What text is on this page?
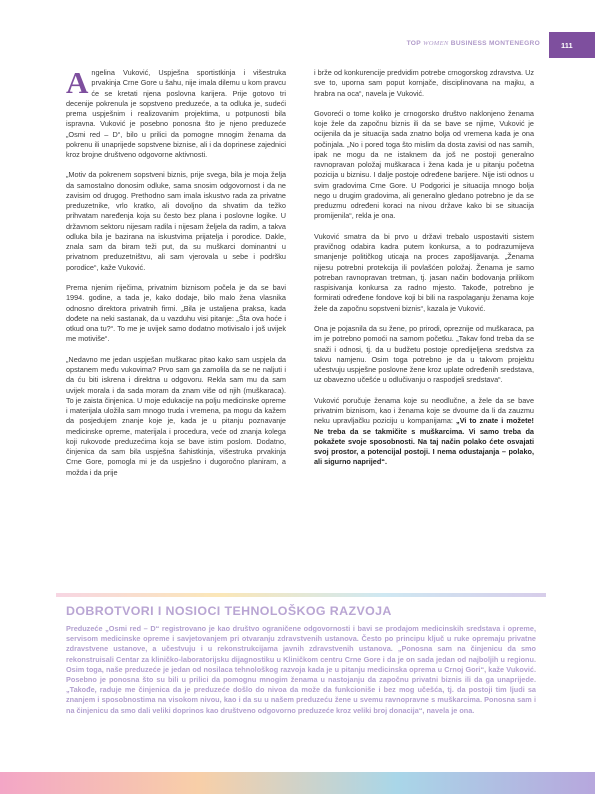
TOP WOMEN BUSINESS MONTENEGRO	111

Angelina Vuković, Uspješna sportistkinja i višestruka prvakinja Crne Gore u šahu, nije imala dilemu u kom pravcu će se kretati njena poslovna karijera. Prije gotovo tri decenije pokrenula je sopstveno preduzeće, a ta odluka je, sudeći prema uspješnim i realizovanim projektima, u potpunosti bila ispravna. Vuković je posebno ponosna što je njeno preduzeće „Osmi red – D“, bilo u prilici da pomogne mnogim ženama da pokrenu ili unaprijede sopstvene biznise, ali i da doprinese zajednici kroz brojne društveno odgovorne aktivnosti.

„Motiv da pokrenem sopstveni biznis, prije svega, bila je moja želja da samostalno donosim odluke, sama snosim odgovornost i da ne zavisim od drugog. Prethodno sam imala iskustvo rada za privatne preduzetnike, vrlo kratko, ali dovoljno da shvatim da težko prihvatam naređenja koja su često bez plana i poslovne logike. U državnom sektoru nijesam radila i nijesam željela da radim, a takva odluka bila je bazirana na iskustvima prijatelja i porodice. Dakle, znala sam da biram teži put, da su muškarci dominantni u privatnom preduzetništvu, ali sam vjerovala u sebe i podršku porodice“, kaže Vuković.

Prema njenim riječima, privatnim biznisom počela je da se bavi 1994. godine, a tada je, kako dodaje, bilo malo žena vlasnika odnosno direktora privatnih firmi. „Bila je ustaljena praksa, kada dođete na neki sastanak, da u vazduhu visi pitanje: „Šta ova hoće i otkud ona tu?“. To me je uvijek samo dodatno motivisalo i još uvijek me motiviše“.

„Nedavno me jedan uspješan muškarac pitao kako sam uspjela da opstanem među vukovima? Prvo sam ga zamolila da se ne naljuti i da ću biti iskrena i direktna u odgovoru. Rekla sam mu da sam uvijek morala i da sada moram da znam više od njih (muškaraca). To je zaista činjenica. U moje edukacije na polju medicinske opreme i materijala uložila sam mnogo truda i vremena, pa mogu da kažem da posjedujem znanje koje je, kada je u pitanju poznavanje medicinske opreme, materijala i procedura, veće od znanja kolega koji rukovode preduzećima koja se bave istim poslom. Dodatno, činjenica da sam bila uspješna šahistkinja, višestruka prvakinja Crne Gore, pomogla mi je da uspješno i dugoročno planiram, a možda i da prije

i brže od konkurencije predvidim potrebe crnogorskog zdravstva. Uz sve to, upornа sam poput kornjače, disciplinovana na majku, a hrabra na oca“, navela je Vuković.

Govoreći o tome koliko je crnogorsko društvo naklonjeno ženama koje žele da započnu biznis ili da se bave se njime, Vuković je ocijenila da je situacija sada znatno bolja od vremena kada je ona počinjala. „No i pored toga što mislim da dosta zavisi od nas samih, ipak ne mogu da ne istaknem da još ne postoji generalno ravnopravan položaj muškaraca i žena kada je u pitanju početna pozicija u biznisu. I dalje postoje određene barijere. Nije isti odnos u svim gradovima Crne Gore. U Podgorici je situacija mnogo bolja nego u drugim gradovima, ali generalno gledano potrebno je da se preduzmu određeni koraci na nivou države kako bi se situacija promijenila“, rekla je ona.

Vuković smatra da bi prvo u državi trebalo uspostaviti sistem pravičnog odabira kadra putem konkursa, a to podrazumijeva smanjenje političkog uticaja na proces zapošljavanja. „Ženama nijesu potrebni protekcija ili povlašćen položaj. Ženama je samo potreban ravnopravan tretman, tj. jasan način bodovanja prilikom raspisivanja konkursa za radno mjesto. Takođe, potrebno je formirati određene fondove koji bi bili na raspolaganju ženama koje žele da započnu sopstveni biznis“, kazala je Vuković.

Ona je pojasnila da su žene, po prirodi, opreznije od muškaraca, pa im je potrebno pomoći na samom početku. „Takav fond treba da se snaži i odnosi, tj. da u budžetu postoje opredijeljena sredstva za takvu namjenu. Osim toga potrebno je da u takvom projektu učestvuju uspješne poslovne žene kroz uplate određenih sredstava, uz obavezno učešće u odlučivanju o raspodjeli sredstava“.

Vuković poručuje ženama koje su neodlučne, a žele da se bave privatnim biznisom, kao i ženama koje se dvoume da li da zauzmu neku upravljačku poziciju u kompanijama: „Vi to znate i možete! Ne treba da se takmičite s muškarcima. Vi samo treba da pokažete svoje sposobnosti. Na taj način polako ćete osvajati svoj prostor, a potencijal postoji. I nema odustajanja – polako, ali sigurno naprijed“.

DOBROTVORI I NOSIOCI TEHNOLOŠKOG RAZVOJA
Preduzeće „Osmi red – D“ registrovano je kao društvo ograničene odgovornosti i bavi se prodajom medicinskih sredstava i opreme, servisom medicinske opreme i savjetovanjem pri otvaranju zdravstvenih ustanova. Često po principu ključ u ruke opremaju privatne zdravstvene ustanove, a učestvuju i u rekonstrukcijama javnih zdravstvenih ustanova. „Ponosna sam na činjenicu da smo rekonstruisali Centar za kliničko-laboratorijsku dijagnostiku u Kliničkom centru Crne Gore i da je on sada jedan od najboljih u regionu. Osim toga, naše preduzeće je jedan od nosilaca tehnološkog razvoja kada je u pitanju medicinska oprema u Crnoj Gori“, kaže Vuković. Posebno je ponosna što su bili u prilici da pomognu mnogim ženama u nastojanju da započnu privatni biznis ili da ga unaprijede. „Takođe, raduje me činjenica da je preduzeće došlo do nivoa da može da funkcioniše i bez mog učešća, tj. da postoji tim ljudi sa znanjem i sposobnostima na visokom nivou, kao i da su u našem preduzeću žene u svemu ravnopravne s muškarcima. Ponosna sam i na činjenicu da smo dali veliki doprinos kao društveno odgovorno preduzeće kroz veliki broj donacija“, navela je ona.
